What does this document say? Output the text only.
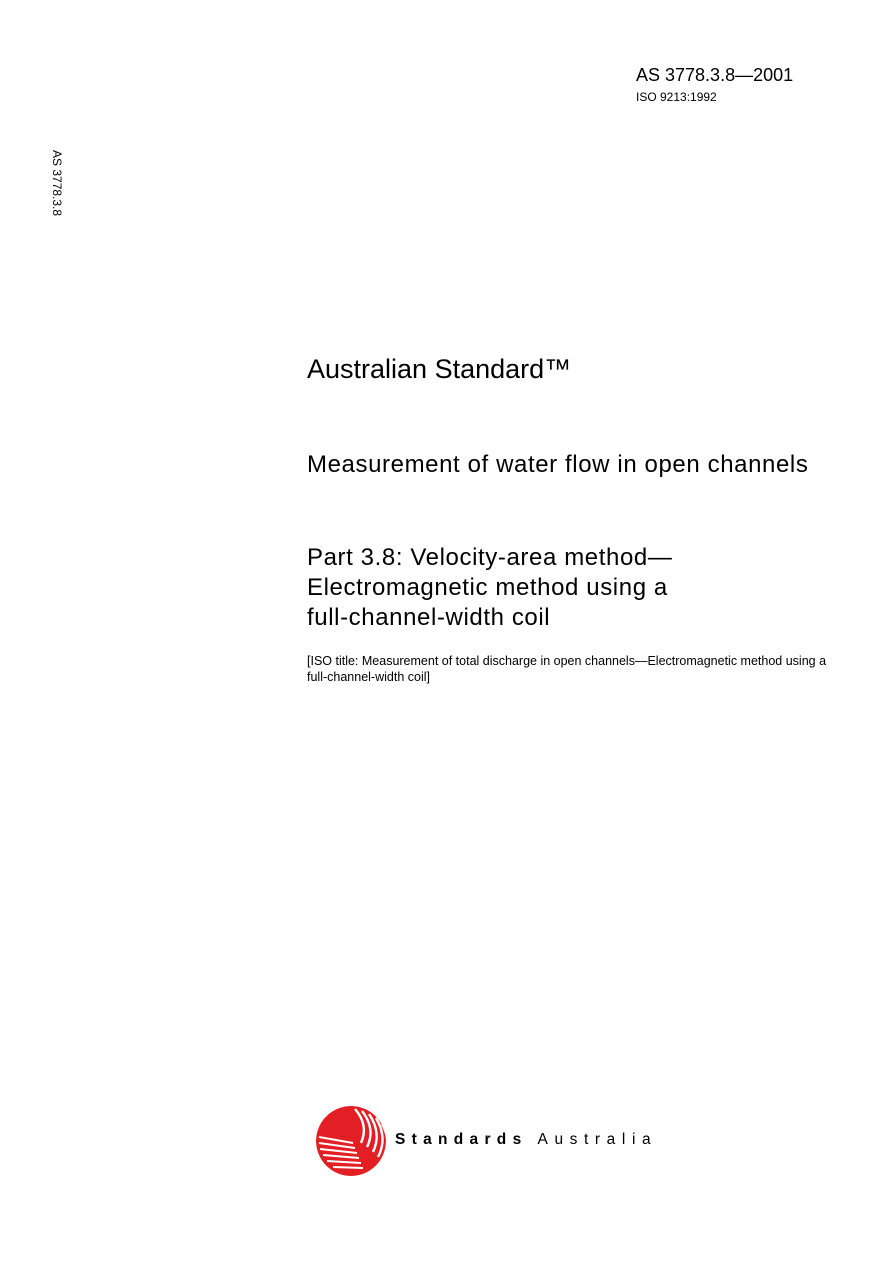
AS 3778.3.8—2001
ISO 9213:1992
AS 3778.3.8
Australian Standard™
Measurement of water flow in open channels
Part 3.8: Velocity-area method—
Electromagnetic method using a
full-channel-width coil
[ISO title: Measurement of total discharge in open channels—Electromagnetic method using a full-channel-width coil]
Standards Australia
